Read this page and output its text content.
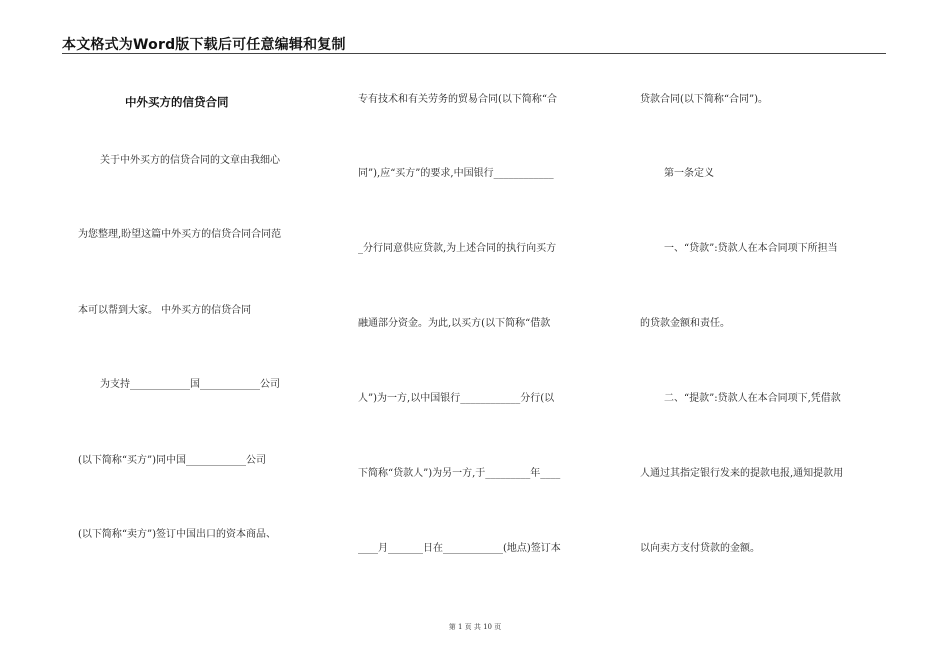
本文格式为Word版下载后可任意编辑和复制
中外买方的信贷合同
关于中外买方的信贷合同的文章由我细心
为您整理,盼望这篇中外买方的信贷合同合同范
本可以帮到大家。 中外买方的信贷合同
为支持____________国____________公司
(以下简称“买方”)同中国____________公司
(以下简称“卖方”)签订中国出口的资本商品、
专有技术和有关劳务的贸易合同(以下简称“合
同”),应“买方”的要求,中国银行____________
_分行同意供应贷款,为上述合同的执行向买方
融通部分资金。为此,以买方(以下简称“借款
人”)为一方,以中国银行____________分行(以
下简称“贷款人”)为另一方,于_________年____
____月_______日在____________(地点)签订本
贷款合同(以下简称“合同”)。
第一条定义
一、“贷款”:贷款人在本合同项下所担当
的贷款金额和责任。
二、“提款”:贷款人在本合同项下,凭借款
人通过其指定银行发来的提款电报,通知提款用
以向卖方支付贷款的金额。
第 1 页 共 10 页
